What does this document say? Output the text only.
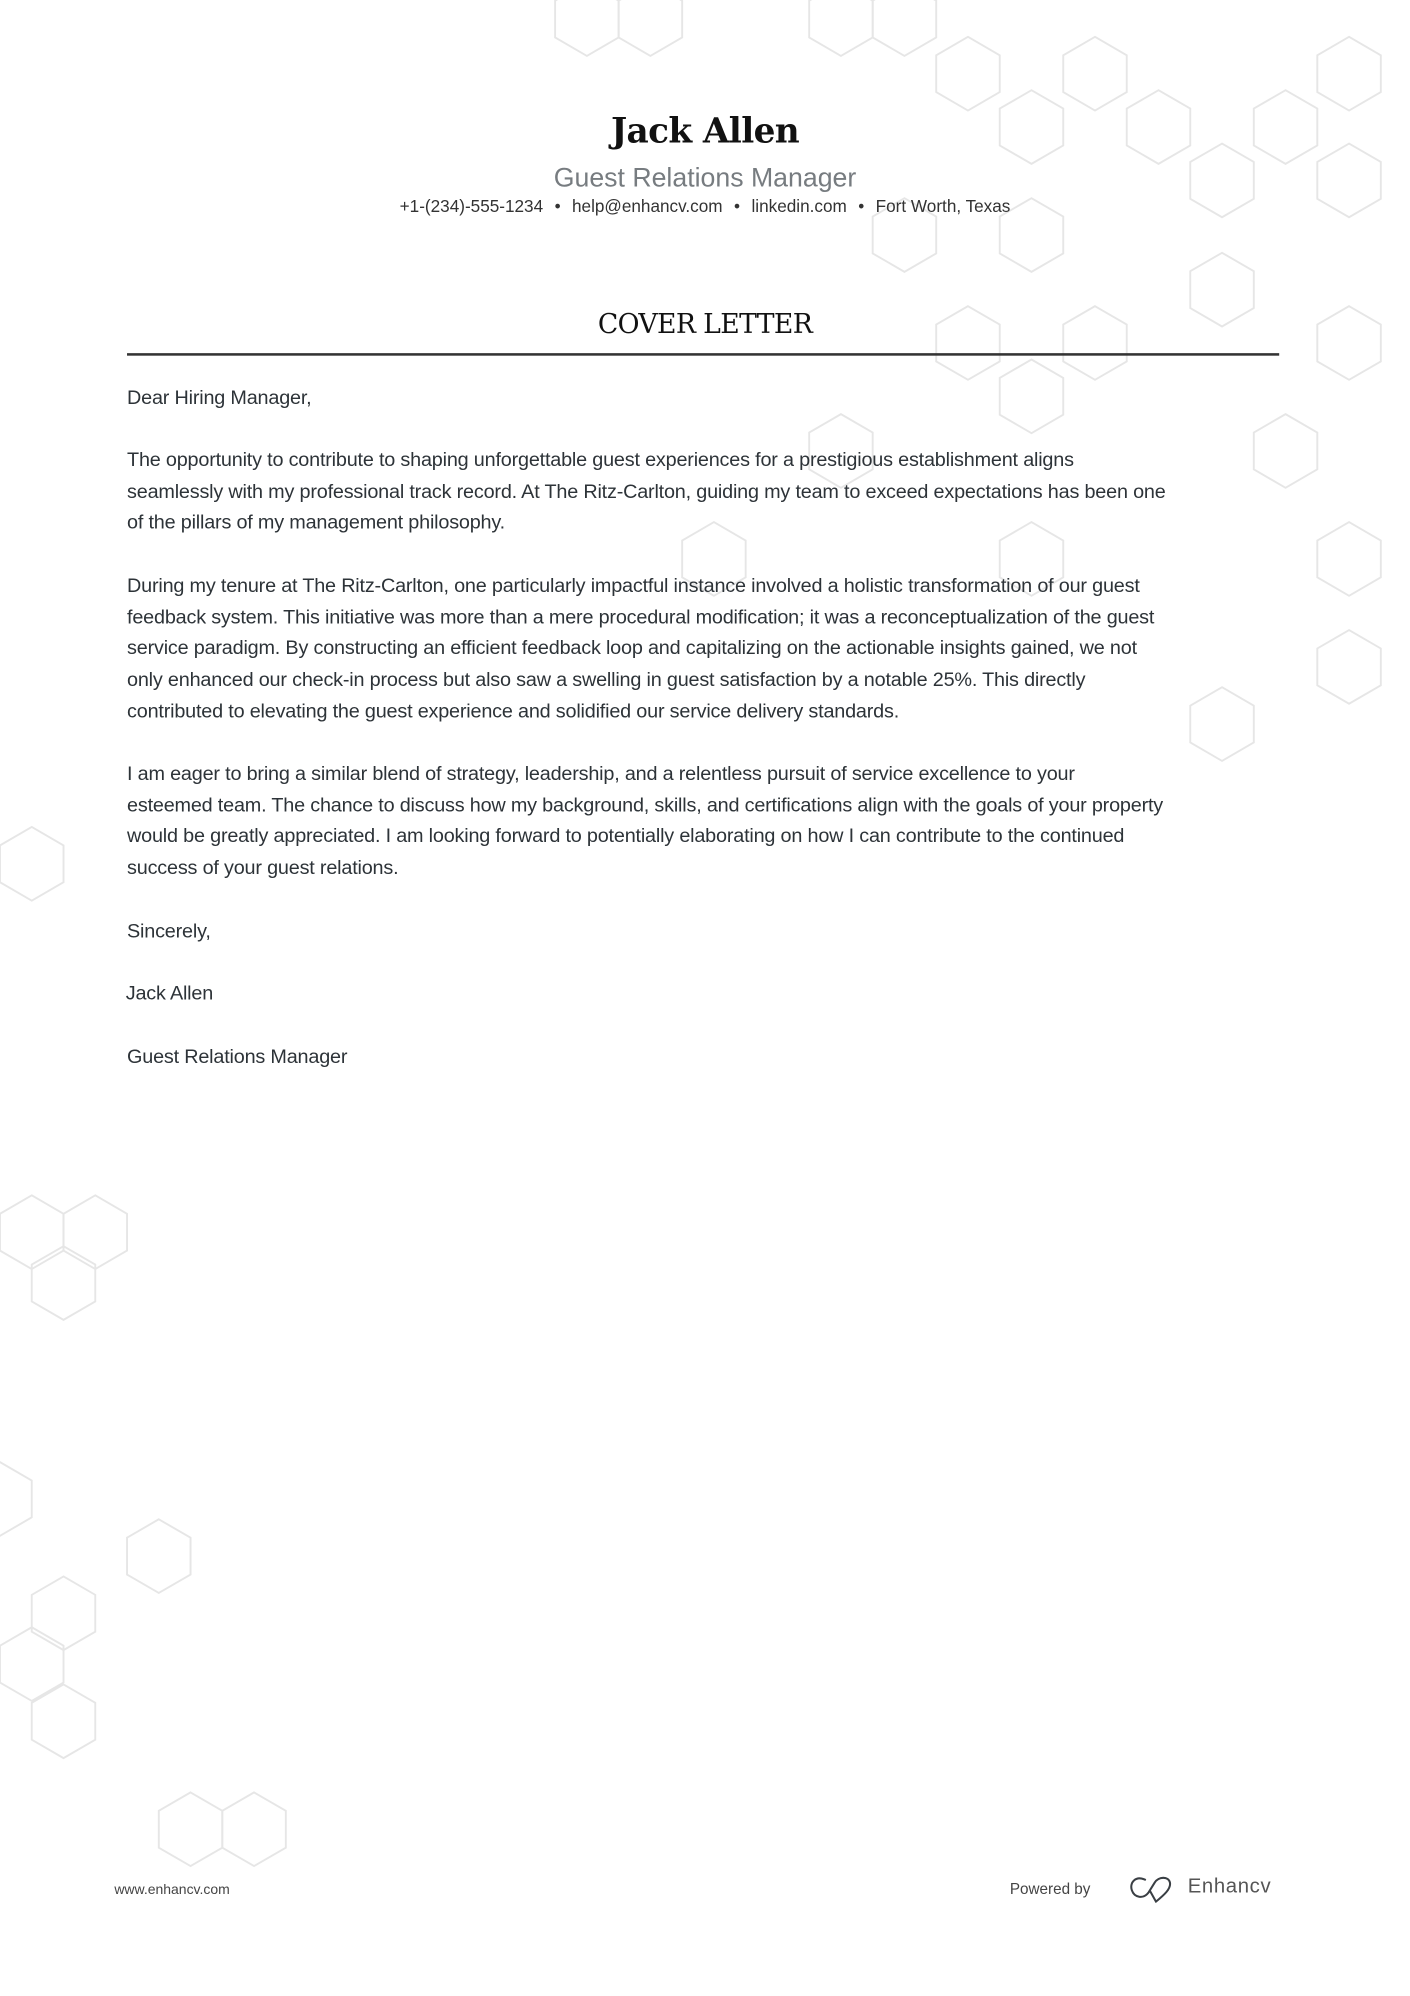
Jack Allen
Guest Relations Manager
+1-(234)-555-1234 • help@enhancv.com • linkedin.com • Fort Worth, Texas
COVER LETTER
Dear Hiring Manager,
The opportunity to contribute to shaping unforgettable guest experiences for a prestigious establishment aligns
seamlessly with my professional track record. At The Ritz-Carlton, guiding my team to exceed expectations has been one
of the pillars of my management philosophy.
During my tenure at The Ritz-Carlton, one particularly impactful instance involved a holistic transformation of our guest
feedback system. This initiative was more than a mere procedural modification; it was a reconceptualization of the guest
service paradigm. By constructing an efficient feedback loop and capitalizing on the actionable insights gained, we not
only enhanced our check-in process but also saw a swelling in guest satisfaction by a notable 25%. This directly
contributed to elevating the guest experience and solidified our service delivery standards.
I am eager to bring a similar blend of strategy, leadership, and a relentless pursuit of service excellence to your
esteemed team. The chance to discuss how my background, skills, and certifications align with the goals of your property
would be greatly appreciated. I am looking forward to potentially elaborating on how I can contribute to the continued
success of your guest relations.
Sincerely,
Jack Allen
Guest Relations Manager
www.enhancv.com	Powered by	Enhancv
